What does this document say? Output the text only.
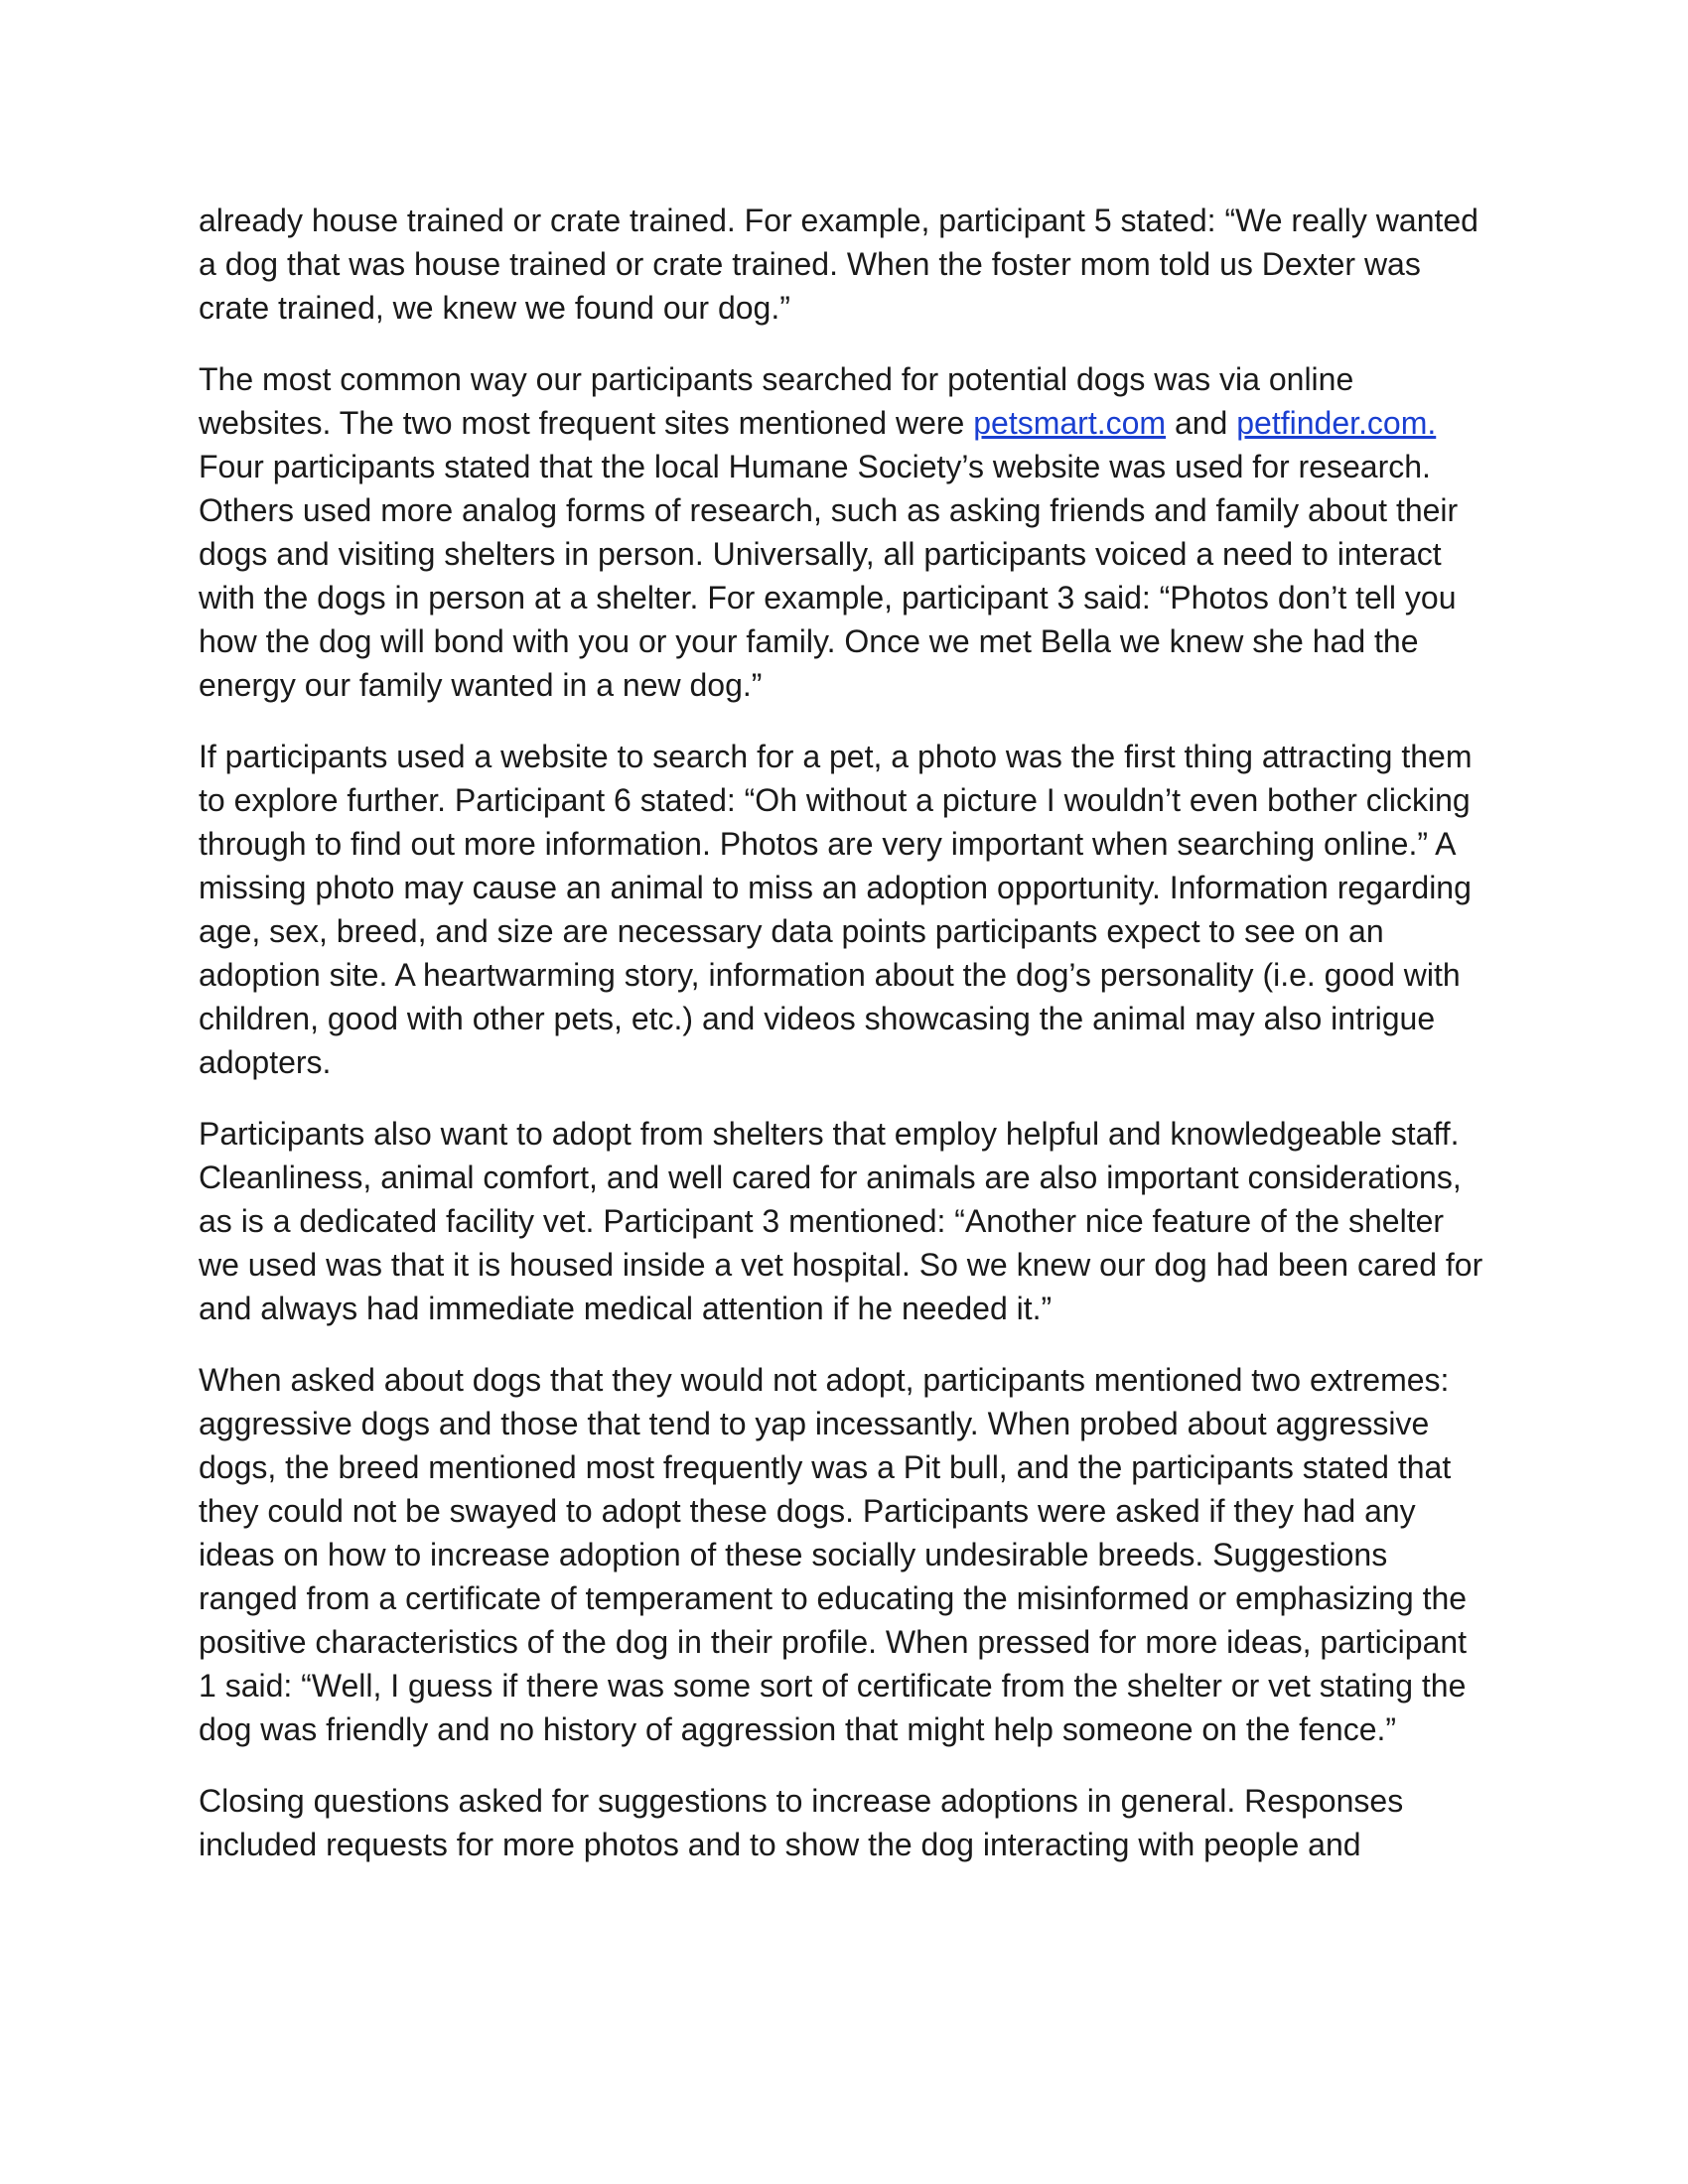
already house trained or crate trained. For example, participant 5 stated: “We really wanted a dog that was house trained or crate trained. When the foster mom told us Dexter was crate trained, we knew we found our dog.”

The most common way our participants searched for potential dogs was via online websites. The two most frequent sites mentioned were petsmart.com and petfinder.com. Four participants stated that the local Humane Society’s website was used for research. Others used more analog forms of research, such as asking friends and family about their dogs and visiting shelters in person. Universally, all participants voiced a need to interact with the dogs in person at a shelter. For example, participant 3 said: “Photos don’t tell you how the dog will bond with you or your family. Once we met Bella we knew she had the energy our family wanted in a new dog.”

If participants used a website to search for a pet, a photo was the first thing attracting them to explore further. Participant 6 stated: “Oh without a picture I wouldn’t even bother clicking through to find out more information. Photos are very important when searching online.” A missing photo may cause an animal to miss an adoption opportunity. Information regarding age, sex, breed, and size are necessary data points participants expect to see on an adoption site. A heartwarming story, information about the dog’s personality (i.e. good with children, good with other pets, etc.) and videos showcasing the animal may also intrigue adopters.

Participants also want to adopt from shelters that employ helpful and knowledgeable staff. Cleanliness, animal comfort, and well cared for animals are also important considerations, as is a dedicated facility vet. Participant 3 mentioned: “Another nice feature of the shelter we used was that it is housed inside a vet hospital. So we knew our dog had been cared for and always had immediate medical attention if he needed it.”

When asked about dogs that they would not adopt, participants mentioned two extremes: aggressive dogs and those that tend to yap incessantly. When probed about aggressive dogs, the breed mentioned most frequently was a Pit bull, and the participants stated that they could not be swayed to adopt these dogs. Participants were asked if they had any ideas on how to increase adoption of these socially undesirable breeds. Suggestions ranged from a certificate of temperament to educating the misinformed or emphasizing the positive characteristics of the dog in their profile. When pressed for more ideas, participant 1 said: “Well, I guess if there was some sort of certificate from the shelter or vet stating the dog was friendly and no history of aggression that might help someone on the fence.”

Closing questions asked for suggestions to increase adoptions in general. Responses included requests for more photos and to show the dog interacting with people and
